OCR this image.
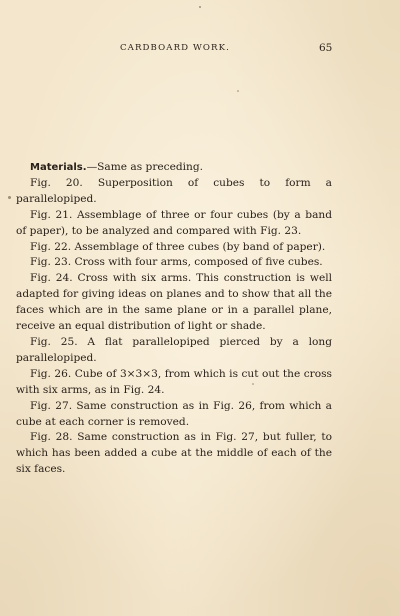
CARDBOARD WORK.	65

Materials.—Same as preceding.

Fig. 20. Superposition of cubes to form a parallelopiped.

Fig. 21. Assemblage of three or four cubes (by a band of paper), to be analyzed and compared with Fig. 23.

Fig. 22. Assemblage of three cubes (by band of paper).

Fig. 23. Cross with four arms, composed of five cubes.

Fig. 24. Cross with six arms. This construction is well adapted for giving ideas on planes and to show that all the faces which are in the same plane or in a parallel plane, receive an equal distribution of light or shade.

Fig. 25. A flat parallelopiped pierced by a long parallelopiped.

Fig. 26. Cube of 3×3×3, from which is cut out the cross with six arms, as in Fig. 24.

Fig. 27. Same construction as in Fig. 26, from which a cube at each corner is removed.

Fig. 28. Same construction as in Fig. 27, but fuller, to which has been added a cube at the middle of each of the six faces.
